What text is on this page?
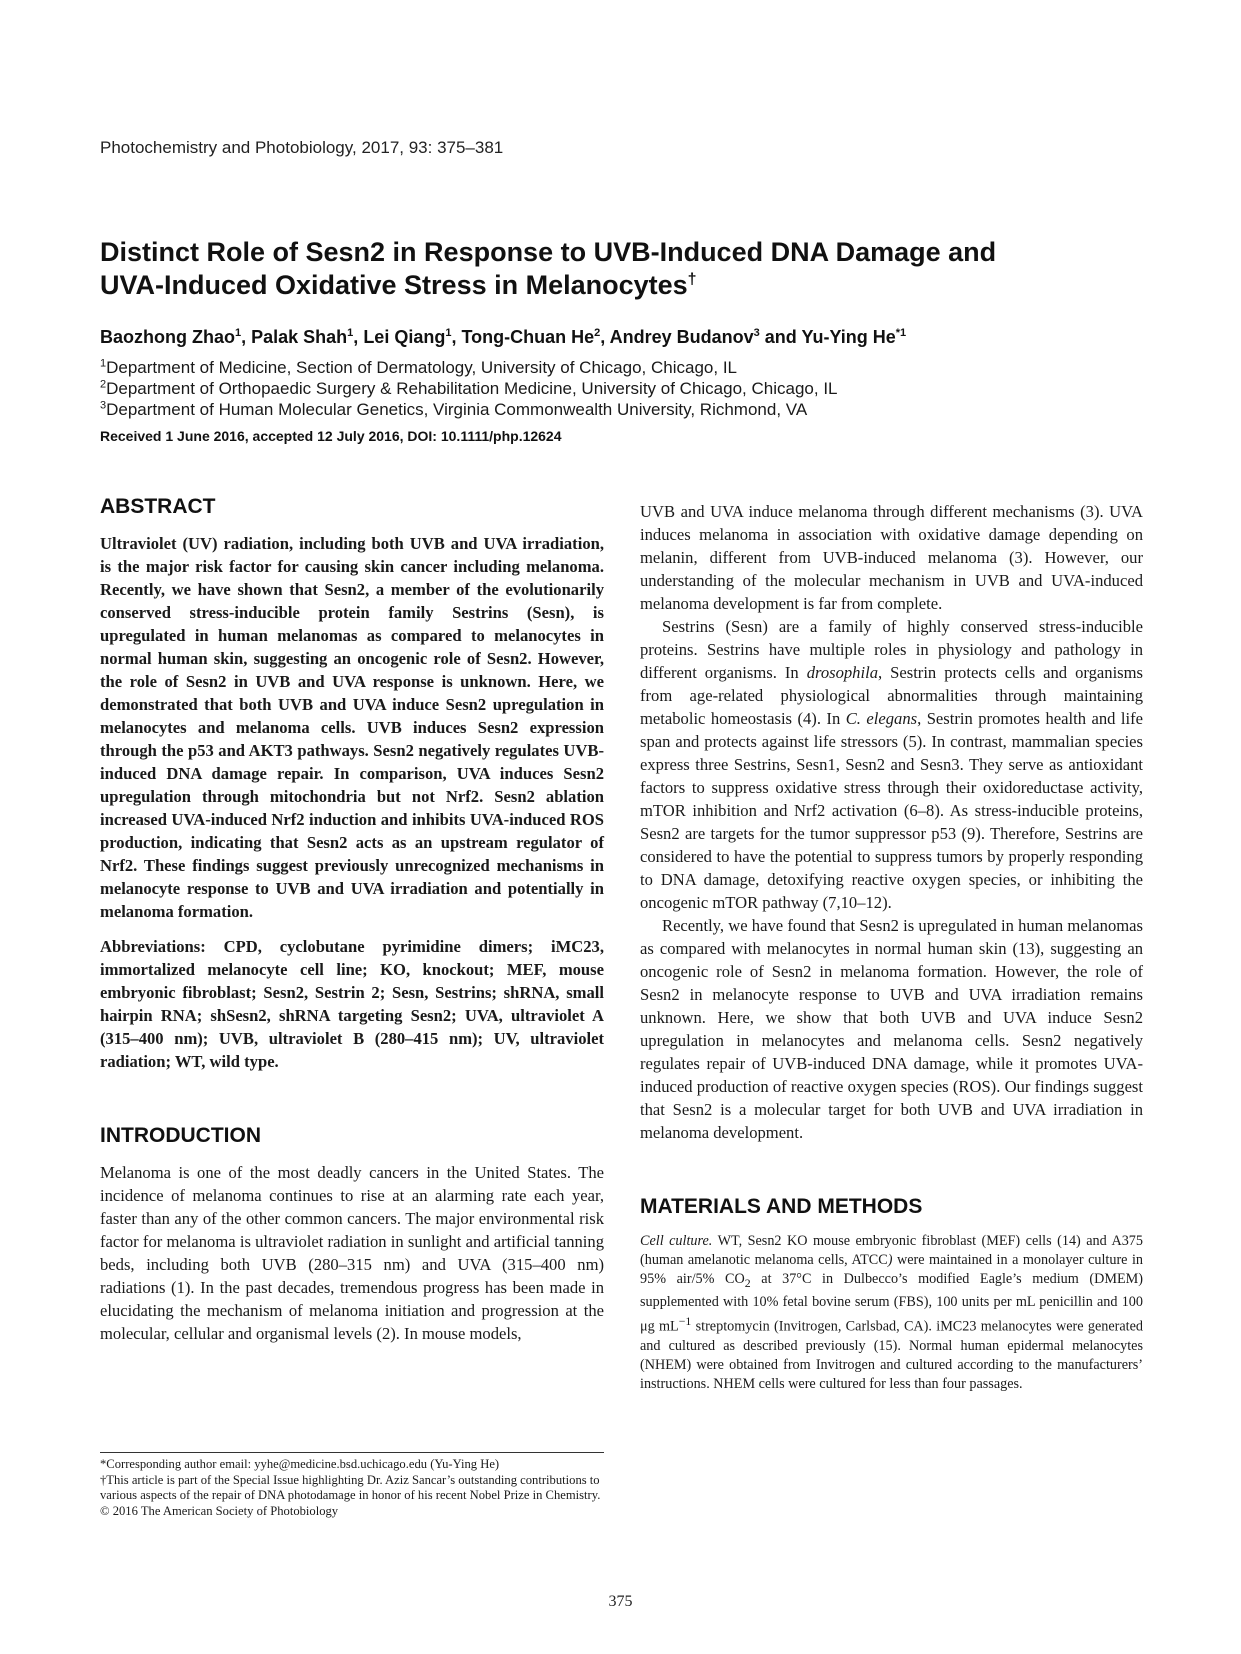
Photochemistry and Photobiology, 2017, 93: 375–381
Distinct Role of Sesn2 in Response to UVB-Induced DNA Damage and
UVA-Induced Oxidative Stress in Melanocytes†
Baozhong Zhao$^1$, Palak Shah$^1$, Lei Qiang$^1$, Tong-Chuan He$^2$, Andrey Budanov$^3$ and Yu-Ying He$^{*1}$
$^1$Department of Medicine, Section of Dermatology, University of Chicago, Chicago, IL
$^2$Department of Orthopaedic Surgery & Rehabilitation Medicine, University of Chicago, Chicago, IL
$^3$Department of Human Molecular Genetics, Virginia Commonwealth University, Richmond, VA
Received 1 June 2016, accepted 12 July 2016, DOI: 10.1111/php.12624
ABSTRACT

Ultraviolet (UV) radiation, including both UVB and UVA irradiation, is the major risk factor for causing skin cancer including melanoma. Recently, we have shown that Sesn2, a member of the evolutionarily conserved stress-inducible protein family Sestrins (Sesn), is upregulated in human melanomas as compared to melanocytes in normal human skin, suggesting an oncogenic role of Sesn2. However, the role of Sesn2 in UVB and UVA response is unknown. Here, we demonstrated that both UVB and UVA induce Sesn2 upregulation in melanocytes and melanoma cells. UVB induces Sesn2 expression through the p53 and AKT3 pathways. Sesn2 negatively regulates UVB-induced DNA damage repair. In comparison, UVA induces Sesn2 upregulation through mitochondria but not Nrf2. Sesn2 ablation increased UVA-induced Nrf2 induction and inhibits UVA-induced ROS production, indicating that Sesn2 acts as an upstream regulator of Nrf2. These findings suggest previously unrecognized mechanisms in melanocyte response to UVB and UVA irradiation and potentially in melanoma formation.

Abbreviations: CPD, cyclobutane pyrimidine dimers; iMC23, immortalized melanocyte cell line; KO, knockout; MEF, mouse embryonic fibroblast; Sesn2, Sestrin 2; Sesn, Sestrins; shRNA, small hairpin RNA; shSesn2, shRNA targeting Sesn2; UVA, ultraviolet A (315–400 nm); UVB, ultraviolet B (280–415 nm); UV, ultraviolet radiation; WT, wild type.

INTRODUCTION

Melanoma is one of the most deadly cancers in the United States. The incidence of melanoma continues to rise at an alarming rate each year, faster than any of the other common cancers. The major environmental risk factor for melanoma is ultraviolet radiation in sunlight and artificial tanning beds, including both UVB (280–315 nm) and UVA (315–400 nm) radiations (1). In the past decades, tremendous progress has been made in elucidating the mechanism of melanoma initiation and progression at the molecular, cellular and organismal levels (2). In mouse models,

UVB and UVA induce melanoma through different mechanisms (3). UVA induces melanoma in association with oxidative damage depending on melanin, different from UVB-induced melanoma (3). However, our understanding of the molecular mechanism in UVB and UVA-induced melanoma development is far from complete.

Sestrins (Sesn) are a family of highly conserved stress-inducible proteins. Sestrins have multiple roles in physiology and pathology in different organisms. In drosophila, Sestrin protects cells and organisms from age-related physiological abnormalities through maintaining metabolic homeostasis (4). In C. elegans, Sestrin promotes health and life span and protects against life stressors (5). In contrast, mammalian species express three Sestrins, Sesn1, Sesn2 and Sesn3. They serve as antioxidant factors to suppress oxidative stress through their oxidoreductase activity, mTOR inhibition and Nrf2 activation (6–8). As stress-inducible proteins, Sesn2 are targets for the tumor suppressor p53 (9). Therefore, Sestrins are considered to have the potential to suppress tumors by properly responding to DNA damage, detoxifying reactive oxygen species, or inhibiting the oncogenic mTOR pathway (7,10–12).

Recently, we have found that Sesn2 is upregulated in human melanomas as compared with melanocytes in normal human skin (13), suggesting an oncogenic role of Sesn2 in melanoma formation. However, the role of Sesn2 in melanocyte response to UVB and UVA irradiation remains unknown. Here, we show that both UVB and UVA induce Sesn2 upregulation in melanocytes and melanoma cells. Sesn2 negatively regulates repair of UVB-induced DNA damage, while it promotes UVA-induced production of reactive oxygen species (ROS). Our findings suggest that Sesn2 is a molecular target for both UVB and UVA irradiation in melanoma development.

MATERIALS AND METHODS

Cell culture. WT, Sesn2 KO mouse embryonic fibroblast (MEF) cells (14) and A375 (human amelanotic melanoma cells, ATCC) were maintained in a monolayer culture in 95% air/5% $CO_2$ at 37°C in Dulbecco’s modified Eagle’s medium (DMEM) supplemented with 10% fetal bovine serum (FBS), 100 units per mL penicillin and 100 μg $mL^{-1}$ streptomycin (Invitrogen, Carlsbad, CA). iMC23 melanocytes were generated and cultured as described previously (15). Normal human epidermal melanocytes (NHEM) were obtained from Invitrogen and cultured according to the manufacturers’ instructions. NHEM cells were cultured for less than four passages.

*Corresponding author email: yyhe@medicine.bsd.uchicago.edu (Yu-Ying He)
†This article is part of the Special Issue highlighting Dr. Aziz Sancar’s outstanding contributions to various aspects of the repair of DNA photodamage in honor of his recent Nobel Prize in Chemistry.
© 2016 The American Society of Photobiology
375
